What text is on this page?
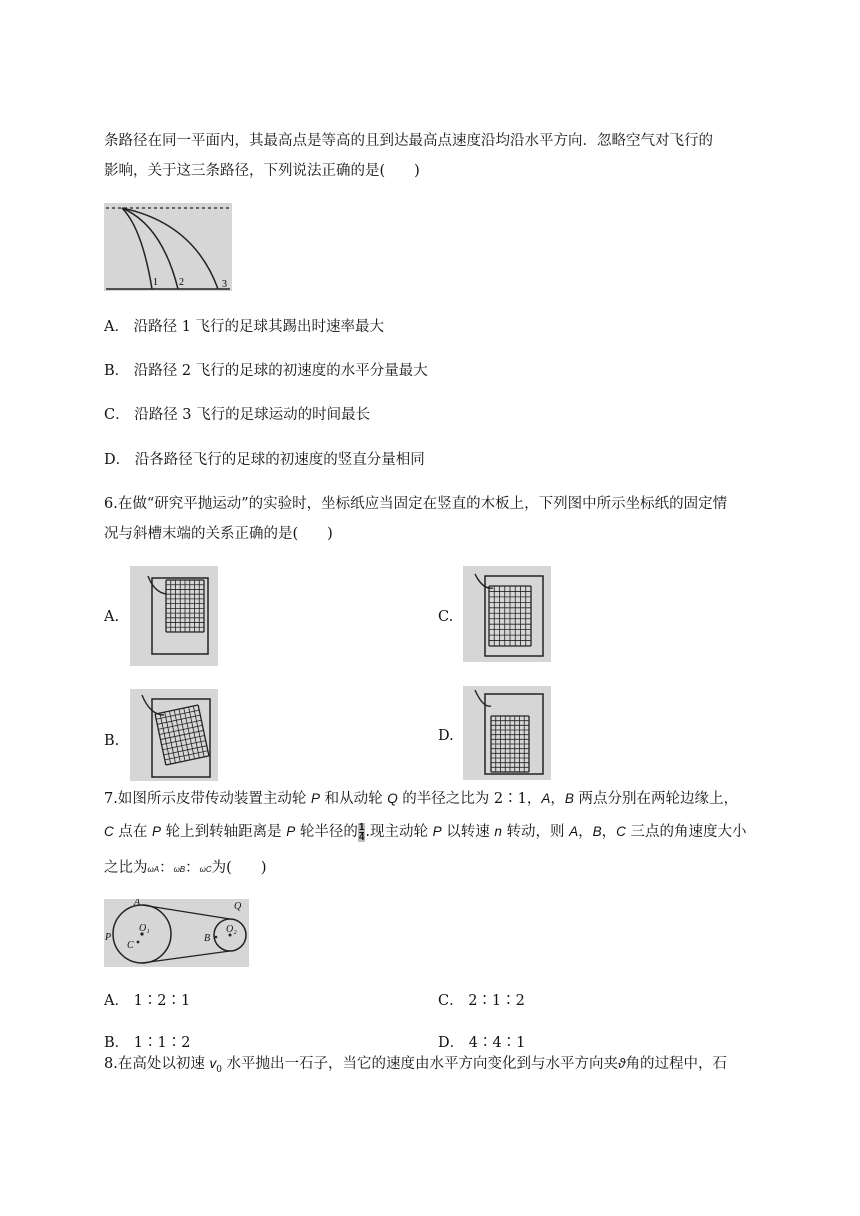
条路径在同一平面内，其最高点是等高的且到达最高点速度沿均沿水平方向．忽略空气对飞行的
影响，关于这三条路径，下列说法正确的是(　　)
1 2	3
A． 沿路径 1 飞行的足球其踢出时速率最大
B． 沿路径 2 飞行的足球的初速度的水平分量最大
C． 沿路径 3 飞行的足球运动的时间最长
D． 沿各路径飞行的足球的初速度的竖直分量相同
6.在做“研究平抛运动”的实验时，坐标纸应当固定在竖直的木板上，下列图中所示坐标纸的固定情
况与斜槽末端的关系正确的是(　　)
A.	C.
B.	D.
7.如图所示皮带传动装置主动轮 P 和从动轮 Q 的半径之比为 2∶1，A，B 两点分别在两轮边缘上，
C 点在 P 轮上到转轴距离是 P 轮半径的 $\frac{1}{4}$ .现主动轮 P 以转速 n 转动，则 A，B，C 三点的角速度大小
之比为ωA：ωB：ωC为(　　)
A	Q
P
C
O₁
B
O₂
A． 1∶2∶1	C． 2∶1∶2
B． 1∶1∶2	D． 4∶4∶1
8.在高处以初速 $v_0$ 水平抛出一石子，当它的速度由水平方向变化到与水平方向夹ϑ角的过程中，石
